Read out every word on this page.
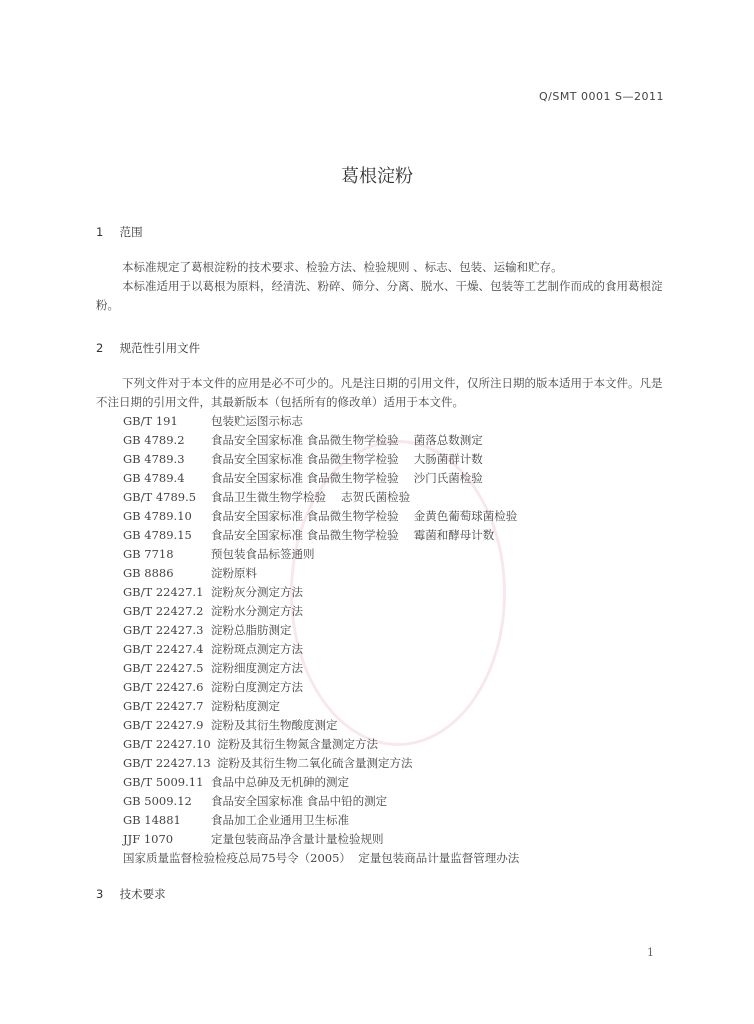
Q/SMT 0001 S—2011
葛根淀粉
1 范围
本标准规定了葛根淀粉的技术要求、检验方法、检验规则 、标志、包装、运输和贮存。
本标准适用于以葛根为原料，经清洗、粉碎、筛分、分离、脱水、干燥、包装等工艺制作而成的食用葛根淀粉。
2 规范性引用文件
下列文件对于本文件的应用是必不可少的。凡是注日期的引用文件，仅所注日期的版本适用于本文件。凡是不注日期的引用文件，其最新版本（包括所有的修改单）适用于本文件。
GB/T 191	包装贮运图示标志
GB 4789.2 食品安全国家标准 食品微生物学检验 　菌落总数测定
GB 4789.3 食品安全国家标准 食品微生物学检验 　大肠菌群计数
GB 4789.4 食品安全国家标准 食品微生物学检验 　沙门氏菌检验
GB/T 4789.5 食品卫生微生物学检验 　志贺氏菌检验
GB 4789.10 食品安全国家标准 食品微生物学检验 　金黄色葡萄球菌检验
GB 4789.15 食品安全国家标准 食品微生物学检验 　霉菌和酵母计数
GB 7718	预包装食品标签通则
GB 8886	淀粉原料
GB/T 22427.1 淀粉灰分测定方法
GB/T 22427.2 淀粉水分测定方法
GB/T 22427.3 淀粉总脂肪测定
GB/T 22427.4 淀粉斑点测定方法
GB/T 22427.5 淀粉细度测定方法
GB/T 22427.6 淀粉白度测定方法
GB/T 22427.7 淀粉粘度测定
GB/T 22427.9 淀粉及其衍生物酸度测定
GB/T 22427.10 淀粉及其衍生物氮含量测定方法
GB/T 22427.13 淀粉及其衍生物二氧化硫含量测定方法
GB/T 5009.11 食品中总砷及无机砷的测定
GB 5009.12 食品安全国家标准 食品中铅的测定
GB 14881	食品加工企业通用卫生标准
JJF 1070	定量包装商品净含量计量检验规则
国家质量监督检验检疫总局75号令（2005） 定量包装商品计量监督管理办法
3 技术要求
1
